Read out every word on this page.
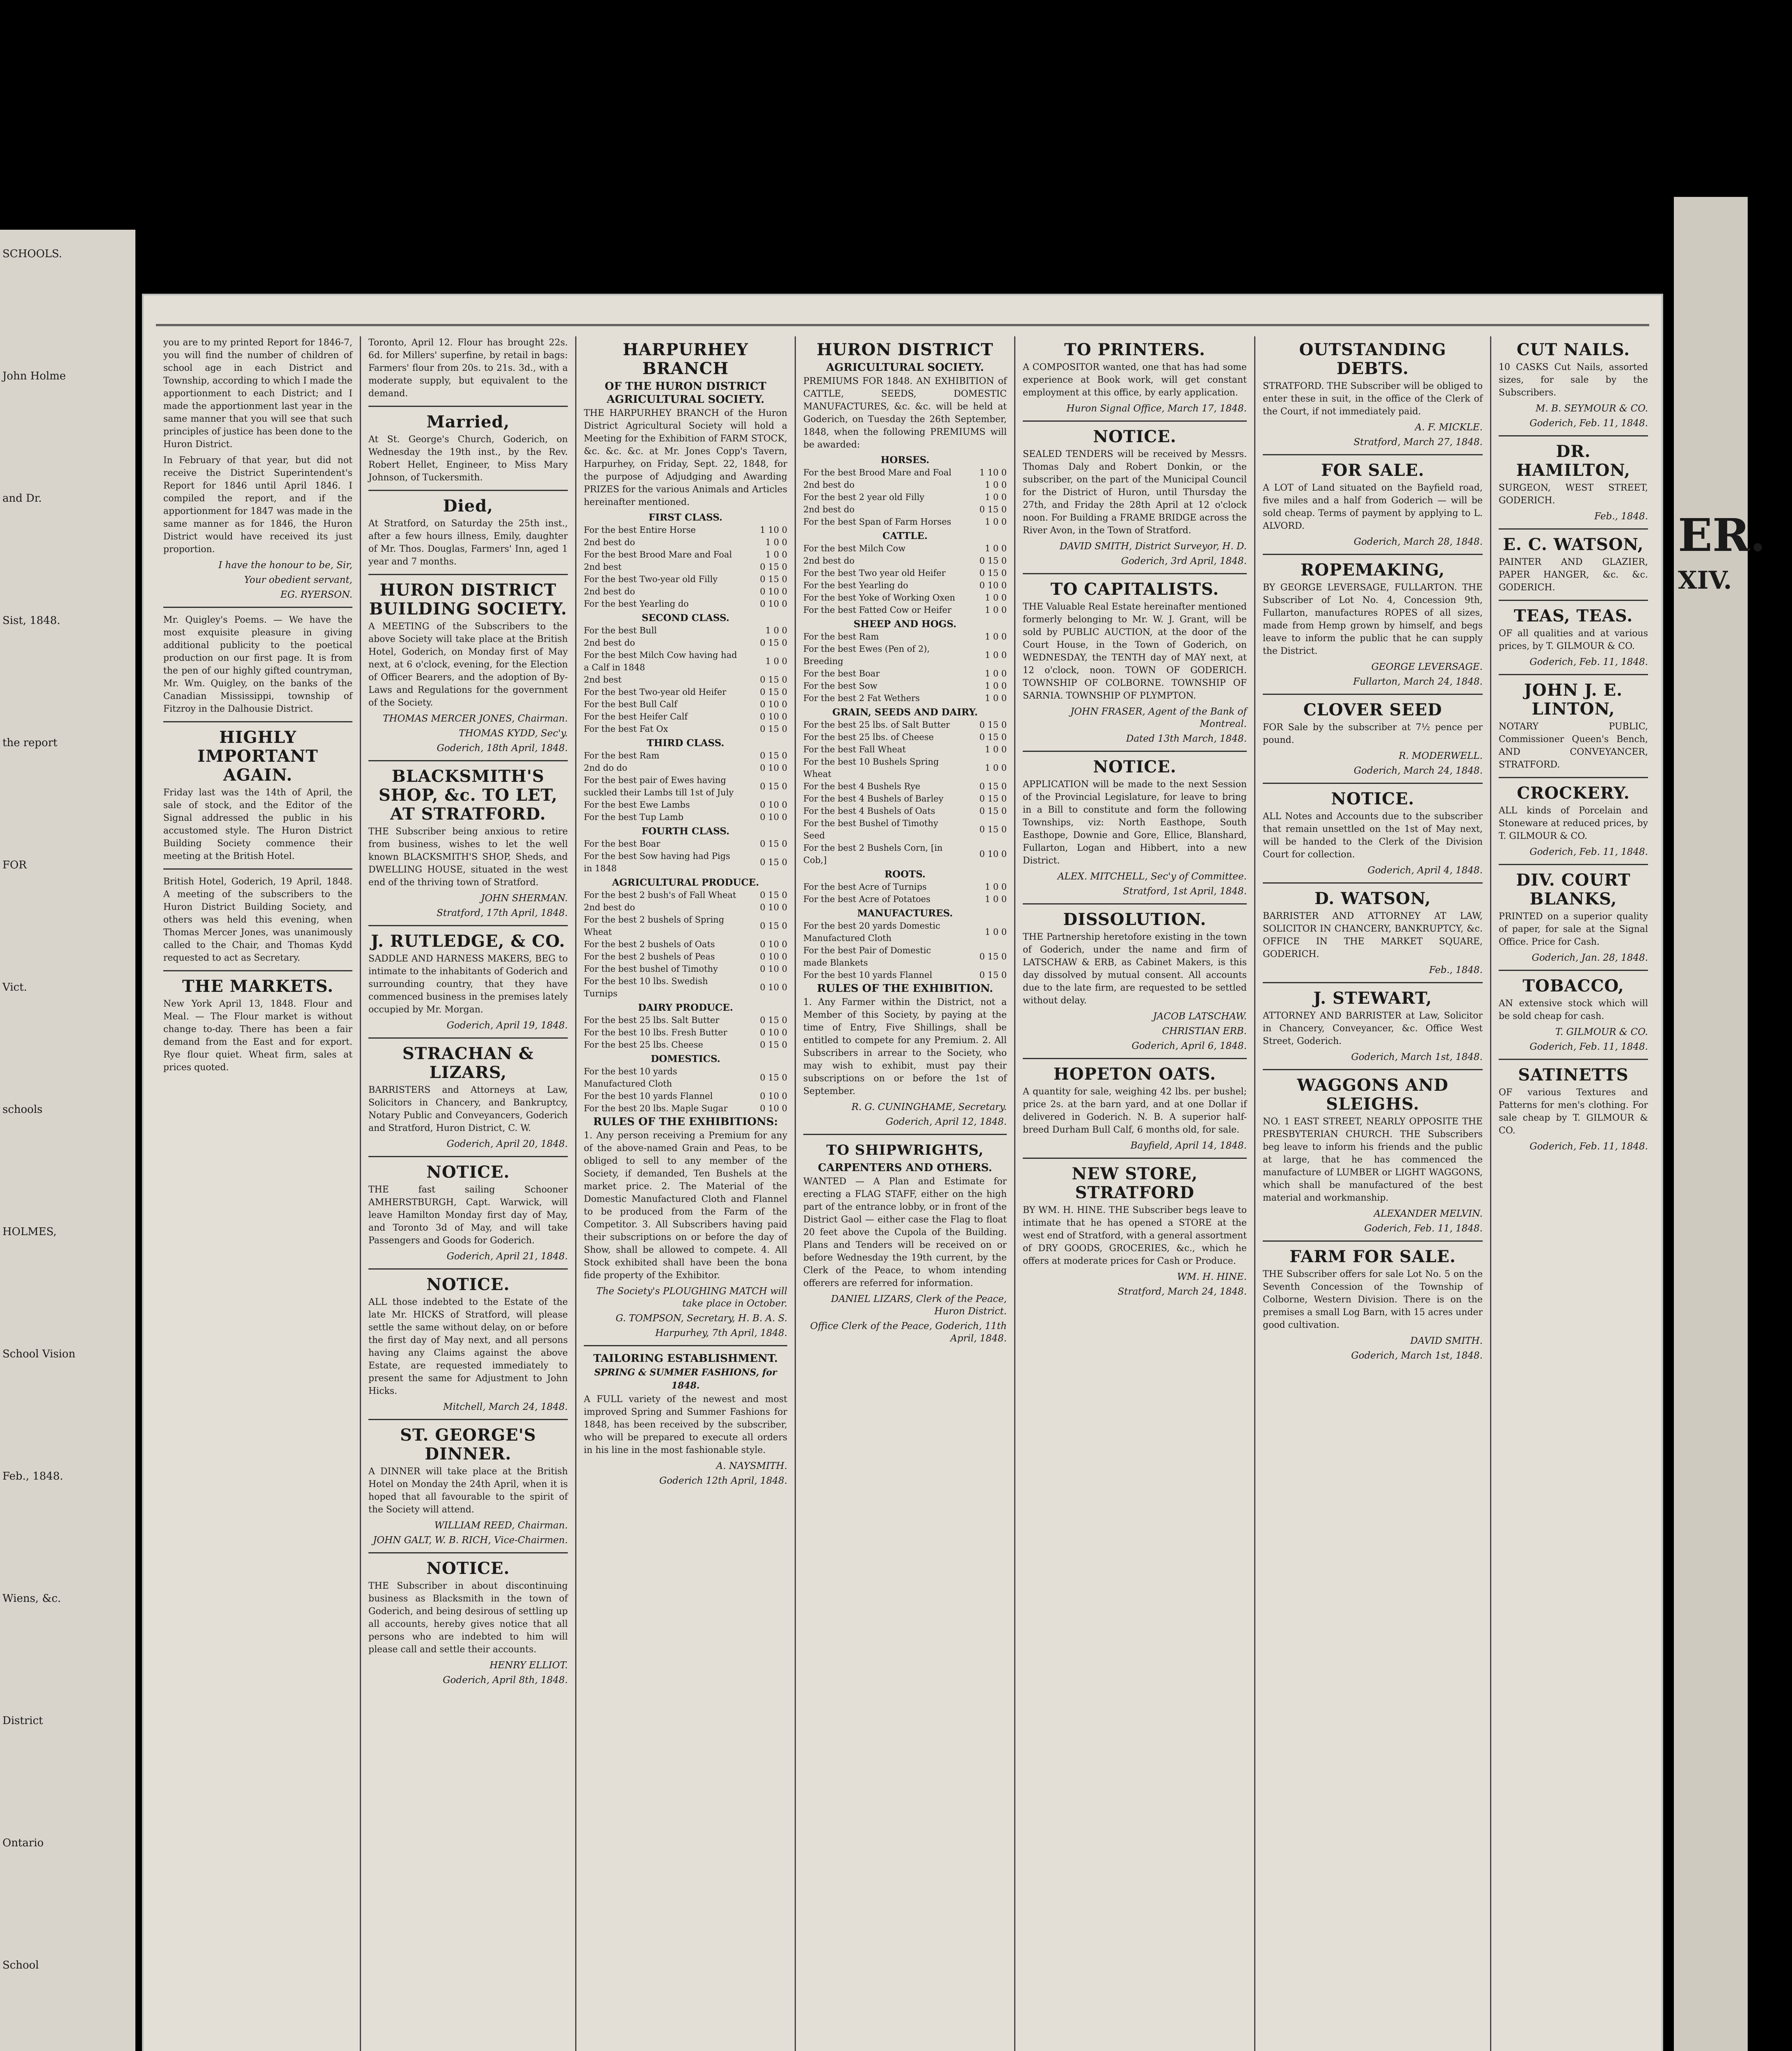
SCHOOLS.
John Holme
and Dr.
Sist, 1848.
the report
FOR
Vict.
schools
HOLMES,
School Vision
Feb., 1848.
Wiens, &c.
District
Ontario
School
ER.
XIV.

you are to my printed Report for 1846-7, you will find the number of children of school age in each District and Township, according to which I made the apportionment to each District; and I made the apportionment last year in the same manner that you will see that such principles of justice has been done to the Huron District.

In February of that year, but did not receive the District Superintendent's Report for 1846 until April 1846. I compiled the report, and if the apportionment for 1847 was made in the same manner as for 1846, the Huron District would have received its just proportion.

I have the honour to be, Sir,
Your obedient servant,
EG. RYERSON.

Mr. Quigley's Poems. — We have the most exquisite pleasure in giving additional publicity to the poetical production on our first page. It is from the pen of our highly gifted countryman, Mr. Wm. Quigley, on the banks of the Canadian Mississippi, township of Fitzroy in the Dalhousie District.

HIGHLY IMPORTANT AGAIN.

Friday last was the 14th of April, the sale of stock, and the Editor of the Signal addressed the public in his accustomed style. The Huron District Building Society commence their meeting at the British Hotel.

British Hotel, Goderich, 19 April, 1848. A meeting of the subscribers to the Huron District Building Society, and others was held this evening, when Thomas Mercer Jones, was unanimously called to the Chair, and Thomas Kydd requested to act as Secretary.

THE MARKETS.

New York April 13, 1848. Flour and Meal. — The Flour market is without change to-day. There has been a fair demand from the East and for export. Rye flour quiet. Wheat firm, sales at prices quoted.

Toronto, April 12. Flour has brought 22s. 6d. for Millers' superfine, by retail in bags: Farmers' flour from 20s. to 21s. 3d., with a moderate supply, but equivalent to the demand.

Married,

At St. George's Church, Goderich, on Wednesday the 19th inst., by the Rev. Robert Hellet, Engineer, to Miss Mary Johnson, of Tuckersmith.

Died,

At Stratford, on Saturday the 25th inst., after a few hours illness, Emily, daughter of Mr. Thos. Douglas, Farmers' Inn, aged 1 year and 7 months.

HURON DISTRICT BUILDING SOCIETY.

A MEETING of the Subscribers to the above Society will take place at the British Hotel, Goderich, on Monday first of May next, at 6 o'clock, evening, for the Election of Officer Bearers, and the adoption of By-Laws and Regulations for the government of the Society.

THOMAS MERCER JONES, Chairman.
THOMAS KYDD, Sec'y.
Goderich, 18th April, 1848.
BLACKSMITH'S SHOP, &c. TO LET, AT STRATFORD.

THE Subscriber being anxious to retire from business, wishes to let the well known BLACKSMITH'S SHOP, Sheds, and DWELLING HOUSE, situated in the west end of the thriving town of Stratford.

JOHN SHERMAN.
Stratford, 17th April, 1848.
J. RUTLEDGE, & CO.

SADDLE AND HARNESS MAKERS, BEG to intimate to the inhabitants of Goderich and surrounding country, that they have commenced business in the premises lately occupied by Mr. Morgan.

Goderich, April 19, 1848.
STRACHAN & LIZARS,

BARRISTERS and Attorneys at Law, Solicitors in Chancery, and Bankruptcy, Notary Public and Conveyancers, Goderich and Stratford, Huron District, C. W.

Goderich, April 20, 1848.
NOTICE.

THE fast sailing Schooner AMHERSTBURGH, Capt. Warwick, will leave Hamilton Monday first day of May, and Toronto 3d of May, and will take Passengers and Goods for Goderich.

Goderich, April 21, 1848.
NOTICE.

ALL those indebted to the Estate of the late Mr. HICKS of Stratford, will please settle the same without delay, on or before the first day of May next, and all persons having any Claims against the above Estate, are requested immediately to present the same for Adjustment to John Hicks.

Mitchell, March 24, 1848.
ST. GEORGE'S DINNER.

A DINNER will take place at the British Hotel on Monday the 24th April, when it is hoped that all favourable to the spirit of the Society will attend.

WILLIAM REED, Chairman.
JOHN GALT, W. B. RICH, Vice-Chairmen.
NOTICE.

THE Subscriber in about discontinuing business as Blacksmith in the town of Goderich, and being desirous of settling up all accounts, hereby gives notice that all persons who are indebted to him will please call and settle their accounts.

HENRY ELLIOT.
Goderich, April 8th, 1848.
HARPURHEY BRANCH
OF THE HURON DISTRICT AGRICULTURAL SOCIETY.

THE HARPURHEY BRANCH of the Huron District Agricultural Society will hold a Meeting for the Exhibition of FARM STOCK, &c. &c. &c. at Mr. Jones Copp's Tavern, Harpurhey, on Friday, Sept. 22, 1848, for the purpose of Adjudging and Awarding PRIZES for the various Animals and Articles hereinafter mentioned.

FIRST CLASS.
For the best Entire Horse	1 10 0
2nd best do	1 0 0
For the best Brood Mare and Foal	1 0 0
2nd best	0 15 0
For the best Two-year old Filly	0 15 0
2nd best do	0 10 0
For the best Yearling do	0 10 0
SECOND CLASS.
For the best Bull	1 0 0
2nd best do	0 15 0
For the best Milch Cow having had a Calf in 1848	1 0 0
2nd best	0 15 0
For the best Two-year old Heifer	0 15 0
For the best Bull Calf	0 10 0
For the best Heifer Calf	0 10 0
For the best Fat Ox	0 15 0
THIRD CLASS.
For the best Ram	0 15 0
2nd do do	0 10 0
For the best pair of Ewes having suckled their Lambs till 1st of July	0 15 0
For the best Ewe Lambs	0 10 0
For the best Tup Lamb	0 10 0
FOURTH CLASS.
For the best Boar	0 15 0
For the best Sow having had Pigs in 1848	0 15 0
AGRICULTURAL PRODUCE.
For the best 2 bush's of Fall Wheat	0 15 0
2nd best do	0 10 0
For the best 2 bushels of Spring Wheat	0 15 0
For the best 2 bushels of Oats	0 10 0
For the best 2 bushels of Peas	0 10 0
For the best bushel of Timothy	0 10 0
For the best 10 lbs. Swedish Turnips	0 10 0
DAIRY PRODUCE.
For the best 25 lbs. Salt Butter	0 15 0
For the best 10 lbs. Fresh Butter	0 10 0
For the best 25 lbs. Cheese	0 15 0
DOMESTICS.
For the best 10 yards Manufactured Cloth	0 15 0
For the best 10 yards Flannel	0 10 0
For the best 20 lbs. Maple Sugar	0 10 0
RULES OF THE EXHIBITIONS:

1. Any person receiving a Premium for any of the above-named Grain and Peas, to be obliged to sell to any member of the Society, if demanded, Ten Bushels at the market price. 2. The Material of the Domestic Manufactured Cloth and Flannel to be produced from the Farm of the Competitor. 3. All Subscribers having paid their subscriptions on or before the day of Show, shall be allowed to compete. 4. All Stock exhibited shall have been the bona fide property of the Exhibitor.

The Society's PLOUGHING MATCH will take place in October.
G. TOMPSON, Secretary, H. B. A. S.
Harpurhey, 7th April, 1848.
TAILORING ESTABLISHMENT.
SPRING & SUMMER FASHIONS, for 1848.

A FULL variety of the newest and most improved Spring and Summer Fashions for 1848, has been received by the subscriber, who will be prepared to execute all orders in his line in the most fashionable style.

A. NAYSMITH.
Goderich 12th April, 1848.
HURON DISTRICT
AGRICULTURAL SOCIETY.

PREMIUMS FOR 1848. AN EXHIBITION of CATTLE, SEEDS, DOMESTIC MANUFACTURES, &c. &c. will be held at Goderich, on Tuesday the 26th September, 1848, when the following PREMIUMS will be awarded:

HORSES.
For the best Brood Mare and Foal	1 10 0
2nd best do	1 0 0
For the best 2 year old Filly	1 0 0
2nd best do	0 15 0
For the best Span of Farm Horses	1 0 0
CATTLE.
For the best Milch Cow	1 0 0
2nd best do	0 15 0
For the best Two year old Heifer	0 15 0
For the best Yearling do	0 10 0
For the best Yoke of Working Oxen	1 0 0
For the best Fatted Cow or Heifer	1 0 0
SHEEP AND HOGS.
For the best Ram	1 0 0
For the best Ewes (Pen of 2), Breeding	1 0 0
For the best Boar	1 0 0
For the best Sow	1 0 0
For the best 2 Fat Wethers	1 0 0
GRAIN, SEEDS AND DAIRY.
For the best 25 lbs. of Salt Butter	0 15 0
For the best 25 lbs. of Cheese	0 15 0
For the best Fall Wheat	1 0 0
For the best 10 Bushels Spring Wheat	1 0 0
For the best 4 Bushels Rye	0 15 0
For the best 4 Bushels of Barley	0 15 0
For the best 4 Bushels of Oats	0 15 0
For the best Bushel of Timothy Seed	0 15 0
For the best 2 Bushels Corn, [in Cob,]	0 10 0
ROOTS.
For the best Acre of Turnips	1 0 0
For the best Acre of Potatoes	1 0 0
MANUFACTURES.
For the best 20 yards Domestic Manufactured Cloth	1 0 0
For the best Pair of Domestic made Blankets	0 15 0
For the best 10 yards Flannel	0 15 0
RULES OF THE EXHIBITION.

1. Any Farmer within the District, not a Member of this Society, by paying at the time of Entry, Five Shillings, shall be entitled to compete for any Premium. 2. All Subscribers in arrear to the Society, who may wish to exhibit, must pay their subscriptions on or before the 1st of September.

R. G. CUNINGHAME, Secretary.
Goderich, April 12, 1848.
TO SHIPWRIGHTS,
CARPENTERS AND OTHERS.

WANTED — A Plan and Estimate for erecting a FLAG STAFF, either on the high part of the entrance lobby, or in front of the District Gaol — either case the Flag to float 20 feet above the Cupola of the Building. Plans and Tenders will be received on or before Wednesday the 19th current, by the Clerk of the Peace, to whom intending offerers are referred for information.

DANIEL LIZARS, Clerk of the Peace, Huron District.
Office Clerk of the Peace, Goderich, 11th April, 1848.
TO PRINTERS.

A COMPOSITOR wanted, one that has had some experience at Book work, will get constant employment at this office, by early application.

Huron Signal Office, March 17, 1848.
NOTICE.

SEALED TENDERS will be received by Messrs. Thomas Daly and Robert Donkin, or the subscriber, on the part of the Municipal Council for the District of Huron, until Thursday the 27th, and Friday the 28th April at 12 o'clock noon. For Building a FRAME BRIDGE across the River Avon, in the Town of Stratford.

DAVID SMITH, District Surveyor, H. D.
Goderich, 3rd April, 1848.
TO CAPITALISTS.

THE Valuable Real Estate hereinafter mentioned formerly belonging to Mr. W. J. Grant, will be sold by PUBLIC AUCTION, at the door of the Court House, in the Town of Goderich, on WEDNESDAY, the TENTH day of MAY next, at 12 o'clock, noon. TOWN OF GODERICH. TOWNSHIP OF COLBORNE. TOWNSHIP OF SARNIA. TOWNSHIP OF PLYMPTON.

JOHN FRASER, Agent of the Bank of Montreal.
Dated 13th March, 1848.
NOTICE.

APPLICATION will be made to the next Session of the Provincial Legislature, for leave to bring in a Bill to constitute and form the following Townships, viz: North Easthope, South Easthope, Downie and Gore, Ellice, Blanshard, Fullarton, Logan and Hibbert, into a new District.

ALEX. MITCHELL, Sec'y of Committee.
Stratford, 1st April, 1848.
DISSOLUTION.

THE Partnership heretofore existing in the town of Goderich, under the name and firm of LATSCHAW & ERB, as Cabinet Makers, is this day dissolved by mutual consent. All accounts due to the late firm, are requested to be settled without delay.

JACOB LATSCHAW.
CHRISTIAN ERB.
Goderich, April 6, 1848.
HOPETON OATS.

A quantity for sale, weighing 42 lbs. per bushel; price 2s. at the barn yard, and at one Dollar if delivered in Goderich. N. B. A superior half-breed Durham Bull Calf, 6 months old, for sale.

Bayfield, April 14, 1848.
NEW STORE, STRATFORD

BY WM. H. HINE. THE Subscriber begs leave to intimate that he has opened a STORE at the west end of Stratford, with a general assortment of DRY GOODS, GROCERIES, &c., which he offers at moderate prices for Cash or Produce.

WM. H. HINE.
Stratford, March 24, 1848.
OUTSTANDING DEBTS.

STRATFORD. THE Subscriber will be obliged to enter these in suit, in the office of the Clerk of the Court, if not immediately paid.

A. F. MICKLE.
Stratford, March 27, 1848.
FOR SALE.

A LOT of Land situated on the Bayfield road, five miles and a half from Goderich — will be sold cheap. Terms of payment by applying to L. ALVORD.

Goderich, March 28, 1848.
ROPEMAKING,

BY GEORGE LEVERSAGE, FULLARTON. THE Subscriber of Lot No. 4, Concession 9th, Fullarton, manufactures ROPES of all sizes, made from Hemp grown by himself, and begs leave to inform the public that he can supply the District.

GEORGE LEVERSAGE.
Fullarton, March 24, 1848.
CLOVER SEED

FOR Sale by the subscriber at 7½ pence per pound.

R. MODERWELL.
Goderich, March 24, 1848.
NOTICE.

ALL Notes and Accounts due to the subscriber that remain unsettled on the 1st of May next, will be handed to the Clerk of the Division Court for collection.

Goderich, April 4, 1848.
D. WATSON,

BARRISTER AND ATTORNEY AT LAW, SOLICITOR IN CHANCERY, BANKRUPTCY, &c. OFFICE IN THE MARKET SQUARE, GODERICH.

Feb., 1848.
J. STEWART,

ATTORNEY AND BARRISTER at Law, Solicitor in Chancery, Conveyancer, &c. Office West Street, Goderich.

Goderich, March 1st, 1848.
WAGGONS AND SLEIGHS.

NO. 1 EAST STREET, NEARLY OPPOSITE THE PRESBYTERIAN CHURCH. THE Subscribers beg leave to inform his friends and the public at large, that he has commenced the manufacture of LUMBER or LIGHT WAGGONS, which shall be manufactured of the best material and workmanship.

ALEXANDER MELVIN.
Goderich, Feb. 11, 1848.
FARM FOR SALE.

THE Subscriber offers for sale Lot No. 5 on the Seventh Concession of the Township of Colborne, Western Division. There is on the premises a small Log Barn, with 15 acres under good cultivation.

DAVID SMITH.
Goderich, March 1st, 1848.
CUT NAILS.

10 CASKS Cut Nails, assorted sizes, for sale by the Subscribers.

M. B. SEYMOUR & CO.
Goderich, Feb. 11, 1848.
DR. HAMILTON,

SURGEON, WEST STREET, GODERICH.

Feb., 1848.
E. C. WATSON,

PAINTER AND GLAZIER, PAPER HANGER, &c. &c. GODERICH.

TEAS, TEAS.

OF all qualities and at various prices, by T. GILMOUR & CO.

Goderich, Feb. 11, 1848.
JOHN J. E. LINTON,

NOTARY PUBLIC, Commissioner Queen's Bench, AND CONVEYANCER, STRATFORD.

CROCKERY.

ALL kinds of Porcelain and Stoneware at reduced prices, by T. GILMOUR & CO.

Goderich, Feb. 11, 1848.
DIV. COURT BLANKS,

PRINTED on a superior quality of paper, for sale at the Signal Office. Price for Cash.

Goderich, Jan. 28, 1848.
TOBACCO,

AN extensive stock which will be sold cheap for cash.

T. GILMOUR & CO.
Goderich, Feb. 11, 1848.
SATINETTS

OF various Textures and Patterns for men's clothing. For sale cheap by T. GILMOUR & CO.

Goderich, Feb. 11, 1848.
